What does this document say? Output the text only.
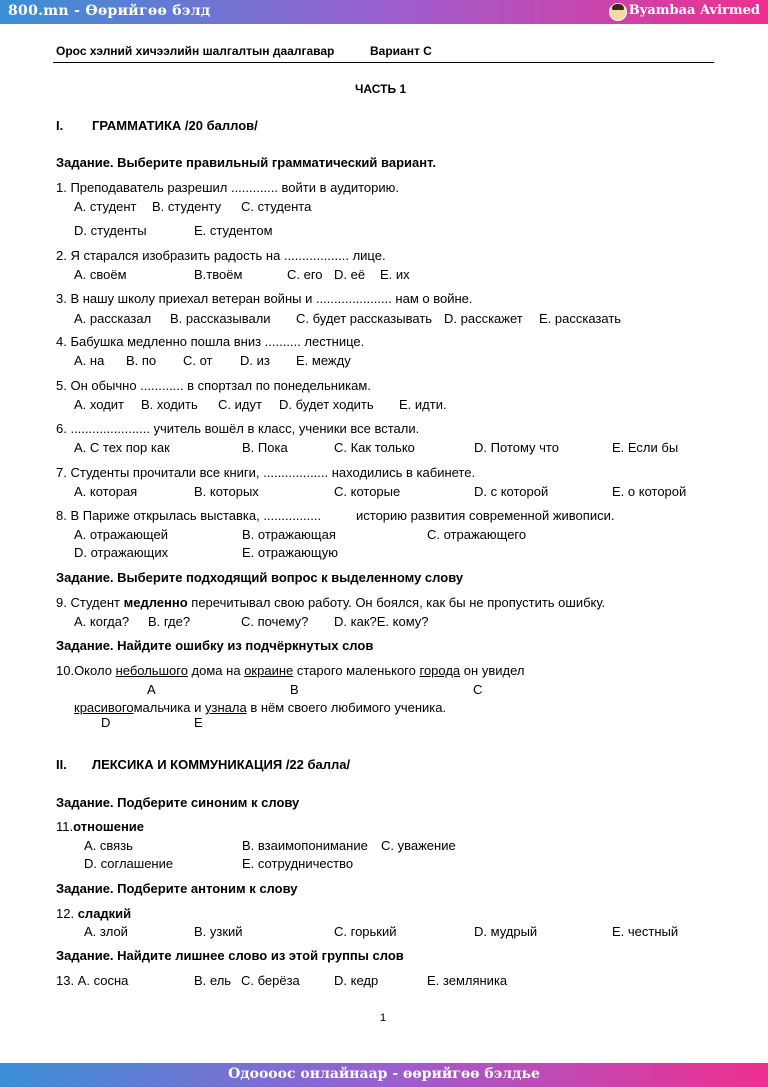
800.mn - Өөрийгөө бэлд	Byambaa Avirmed
Орос хэлний хичээлийн шалгалтын даалгавар	Вариант С
ЧАСТЬ 1
I. ГРАММАТИКА /20 баллов/
Задание. Выберите правильный грамматический вариант.
1. Преподаватель разрешил ............. войти в аудиторию.
А. студент В. студенту С. студента
D. студенты	Е. студентом
2. Я старался изобразить радость на .................. лице.
А. своём	В.твоём	С. его D. её Е. их
3. В нашу школу приехал ветеран войны и ..................... нам о войне.
А. рассказал В. рассказывали С. будет рассказывать D. расскажет Е. рассказать
4. Бабушка медленно пошла вниз .......... лестнице.
А. на В. по С. от D. из Е. между
5. Он обычно ............ в спортзал по понедельникам.
А. ходит В. ходить С. идут D. будет ходить Е. идти.
6. ...................... учитель вошёл в класс, ученики все встали.
А. С тех пор как	В. Пока	С. Как только	D. Потому что	Е. Если бы
7. Студенты прочитали все книги, .................. находились в кабинете.
А. которая	В. которых	С. которые	D. с которой	Е. о которой
8. В Париже открылась выставка, ................	историю развития современной живописи.
А. отражающей	В. отражающая	С. отражающего
D. отражающих	Е. отражающую
Задание. Выберите подходящий вопрос к выделенному слову
9. Студент медленно перечитывал свою работу. Он боялся, как бы не пропустить ошибку.
А. когда? В. где?	С. почему? D. как?Е. кому?
Задание. Найдите ошибку из подчёркнутых слов
10.Около небольшого дома на окраине старого маленького города он увидел
A	B	C
красивогомальчика и узнала в нём своего любимого ученика.
D	E
II. ЛЕКСИКА И КОММУНИКАЦИЯ /22 балла/
Задание. Подберите синоним к слову
11.отношение
А. связь	В. взаимопонимание С. уважение
D. соглашение	Е. сотрудничество
Задание. Подберите антоним к слову
12. сладкий
А. злой	В. узкий	С. горький	D. мудрый	Е. честный
Задание. Найдите лишнее слово из этой группы слов
13. А. сосна	В. ель С. берёза	D. кедр	Е. земляника
1
Одоооос онлайнаар - өөрийгөө бэлдье
